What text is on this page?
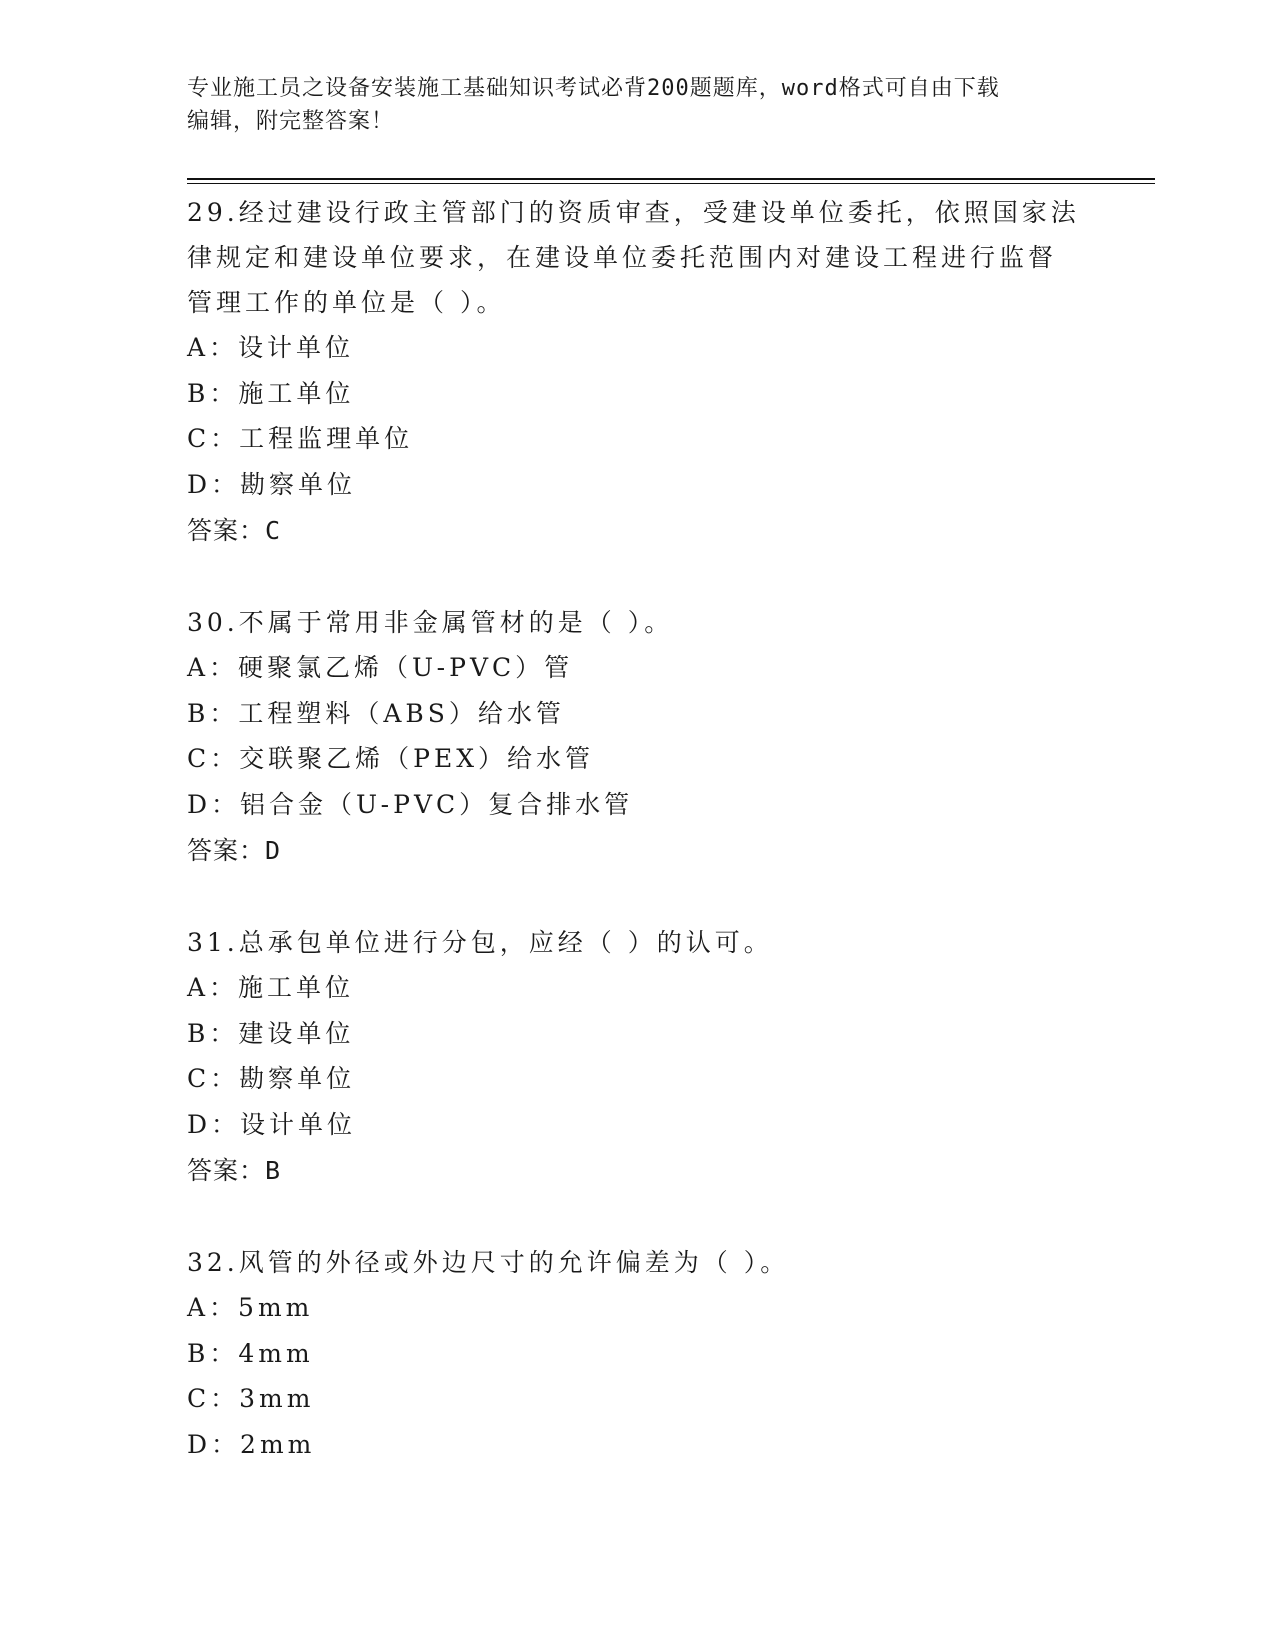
专业施工员之设备安装施工基础知识考试必背200题题库，word格式可自由下载
编辑，附完整答案！
29.经过建设行政主管部门的资质审查，受建设单位委托，依照国家法
律规定和建设单位要求，在建设单位委托范围内对建设工程进行监督
管理工作的单位是（ ）。
A：设计单位
B：施工单位
C：工程监理单位
D：勘察单位
答案：C
30.不属于常用非金属管材的是（ ）。
A：硬聚氯乙烯（U-PVC）管
B：工程塑料（ABS）给水管
C：交联聚乙烯（PEX）给水管
D：铝合金（U-PVC）复合排水管
答案：D
31.总承包单位进行分包，应经（ ）的认可。
A：施工单位
B：建设单位
C：勘察单位
D：设计单位
答案：B
32.风管的外径或外边尺寸的允许偏差为（ ）。
A：5mm
B：4mm
C：3mm
D：2mm
